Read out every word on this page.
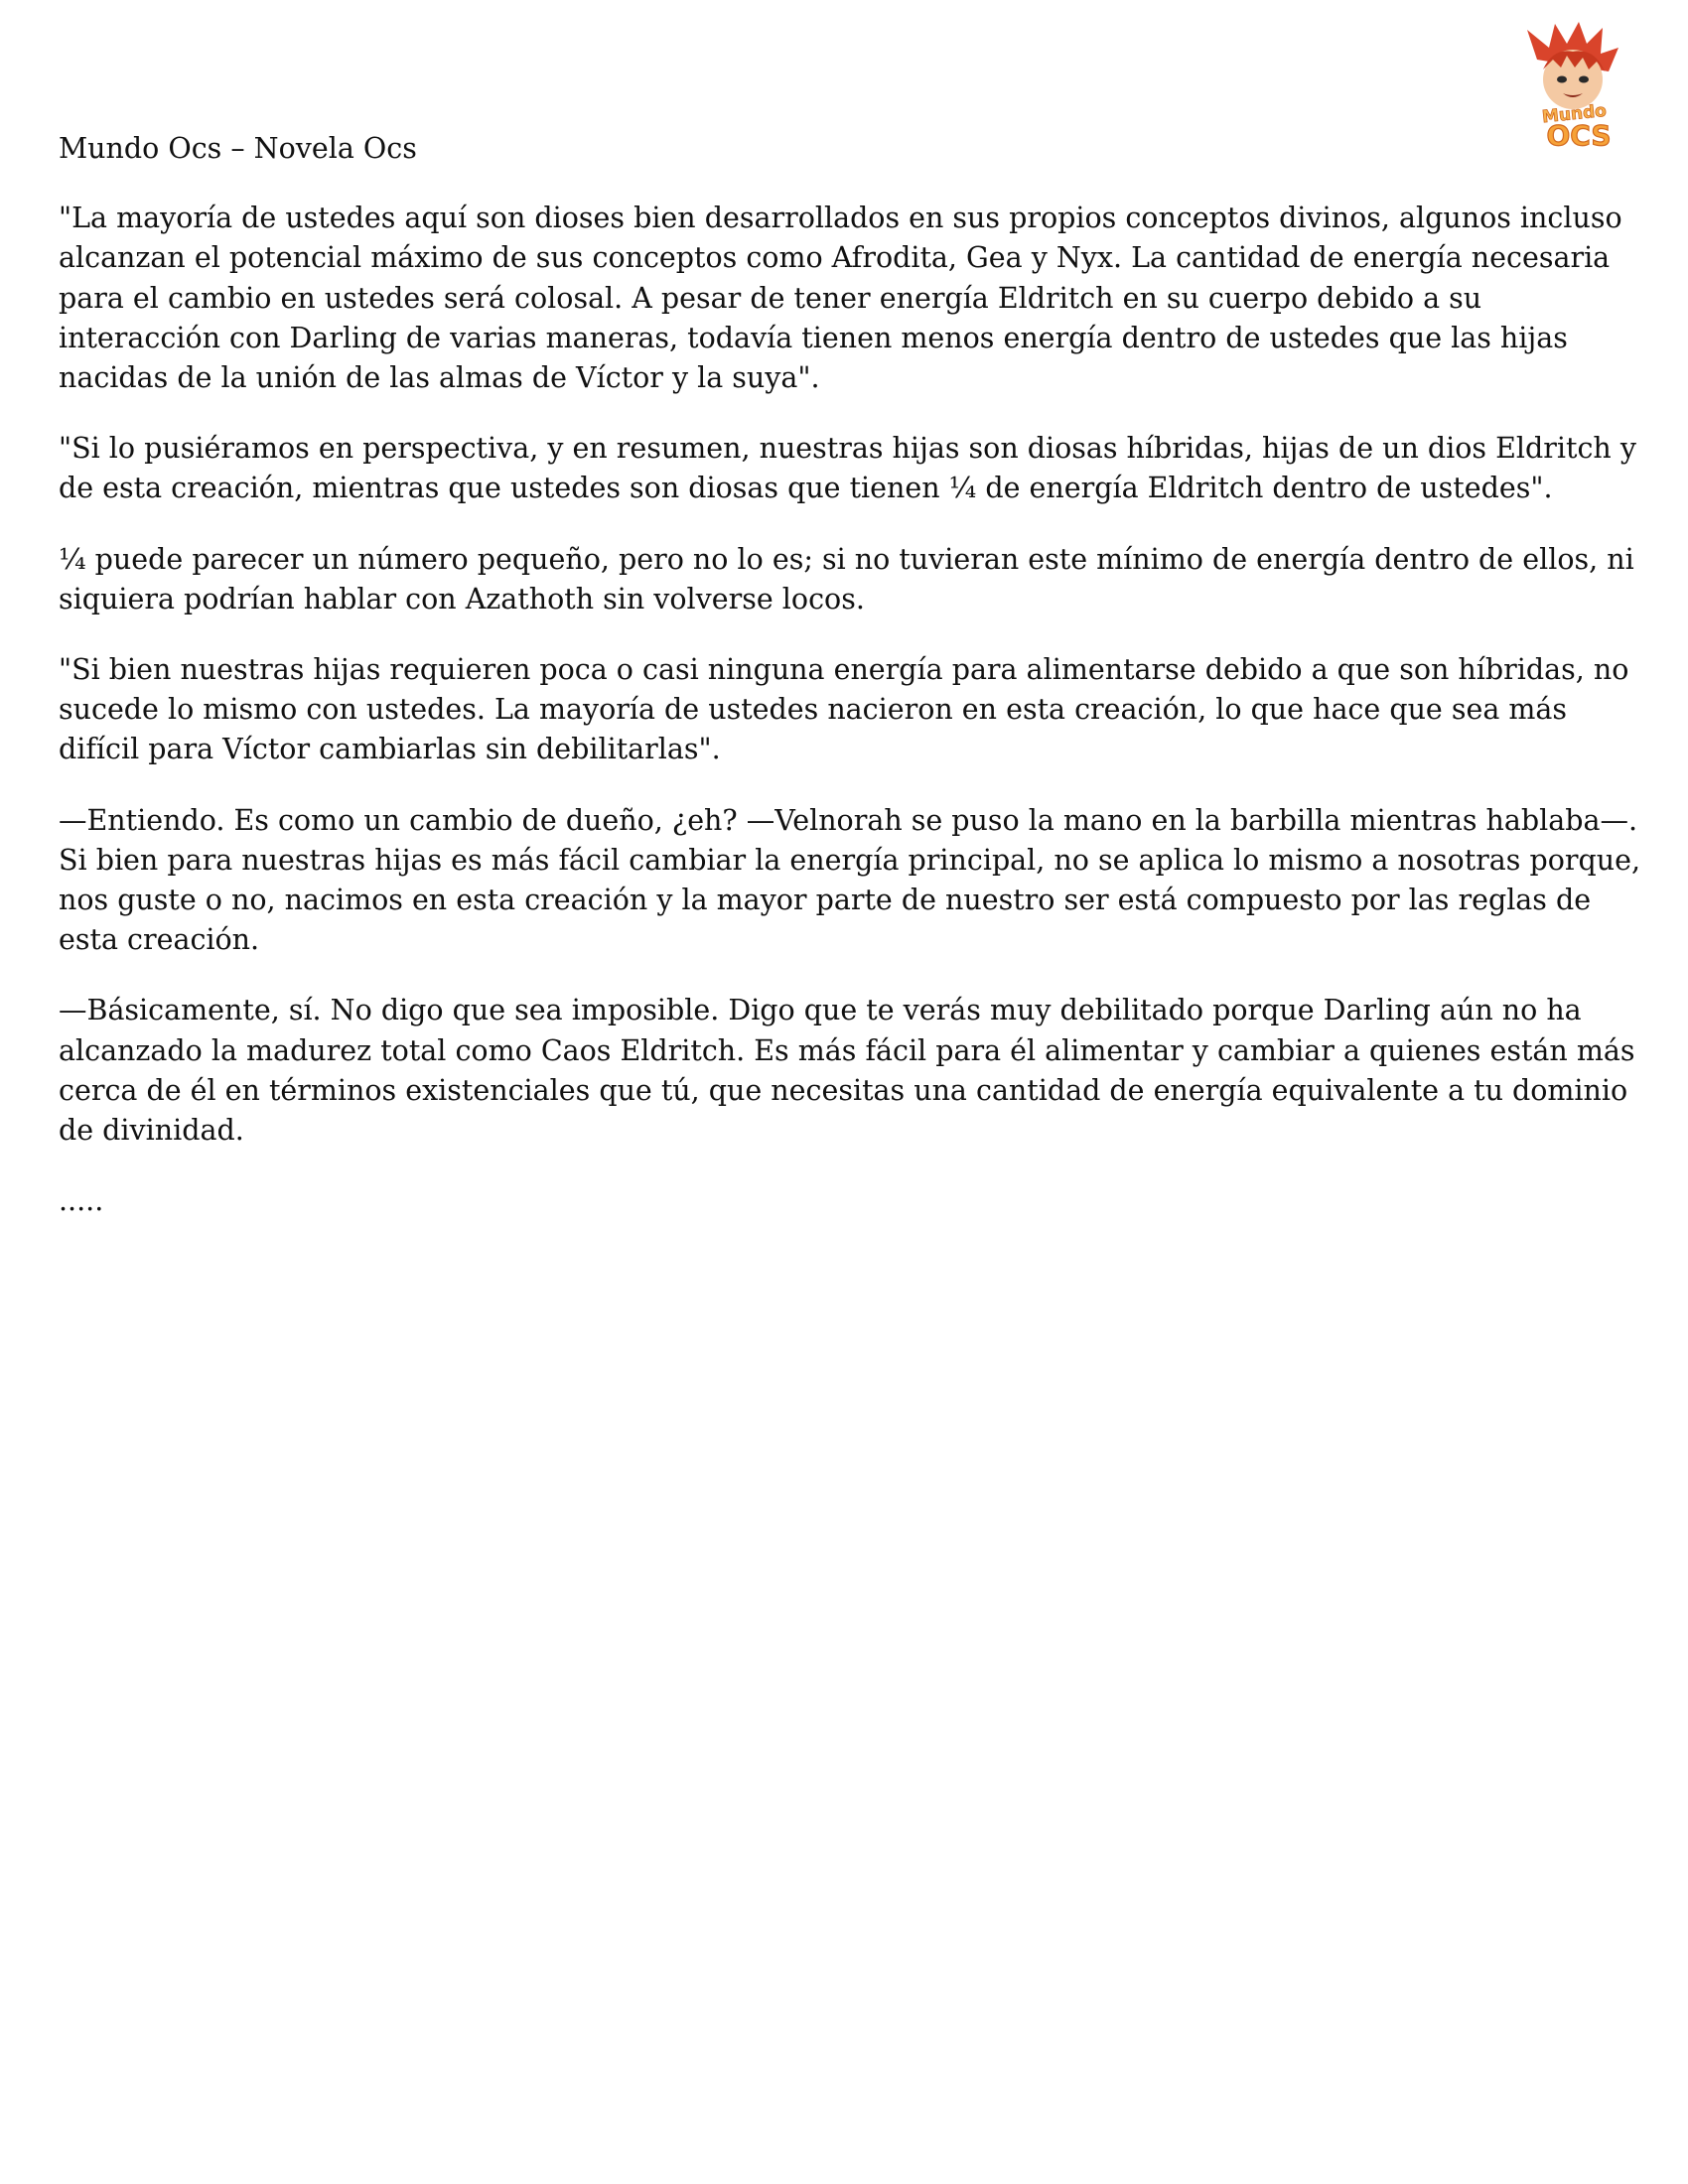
Mundo
OCS

Mundo Ocs – Novela Ocs

"La mayoría de ustedes aquí son dioses bien desarrollados en sus propios conceptos divinos, algunos incluso alcanzan el potencial máximo de sus conceptos como Afrodita, Gea y Nyx. La cantidad de energía necesaria para el cambio en ustedes será colosal. A pesar de tener energía Eldritch en su cuerpo debido a su interacción con Darling de varias maneras, todavía tienen menos energía dentro de ustedes que las hijas nacidas de la unión de las almas de Víctor y la suya".

"Si lo pusiéramos en perspectiva, y en resumen, nuestras hijas son diosas híbridas, hijas de un dios Eldritch y de esta creación, mientras que ustedes son diosas que tienen ¼ de energía Eldritch dentro de ustedes".

¼ puede parecer un número pequeño, pero no lo es; si no tuvieran este mínimo de energía dentro de ellos, ni siquiera podrían hablar con Azathoth sin volverse locos.

"Si bien nuestras hijas requieren poca o casi ninguna energía para alimentarse debido a que son híbridas, no sucede lo mismo con ustedes. La mayoría de ustedes nacieron en esta creación, lo que hace que sea más difícil para Víctor cambiarlas sin debilitarlas".

—Entiendo. Es como un cambio de dueño, ¿eh? —Velnorah se puso la mano en la barbilla mientras hablaba—. Si bien para nuestras hijas es más fácil cambiar la energía principal, no se aplica lo mismo a nosotras porque, nos guste o no, nacimos en esta creación y la mayor parte de nuestro ser está compuesto por las reglas de esta creación.

—Básicamente, sí. No digo que sea imposible. Digo que te verás muy debilitado porque Darling aún no ha alcanzado la madurez total como Caos Eldritch. Es más fácil para él alimentar y cambiar a quienes están más cerca de él en términos existenciales que tú, que necesitas una cantidad de energía equivalente a tu dominio de divinidad.

.....
